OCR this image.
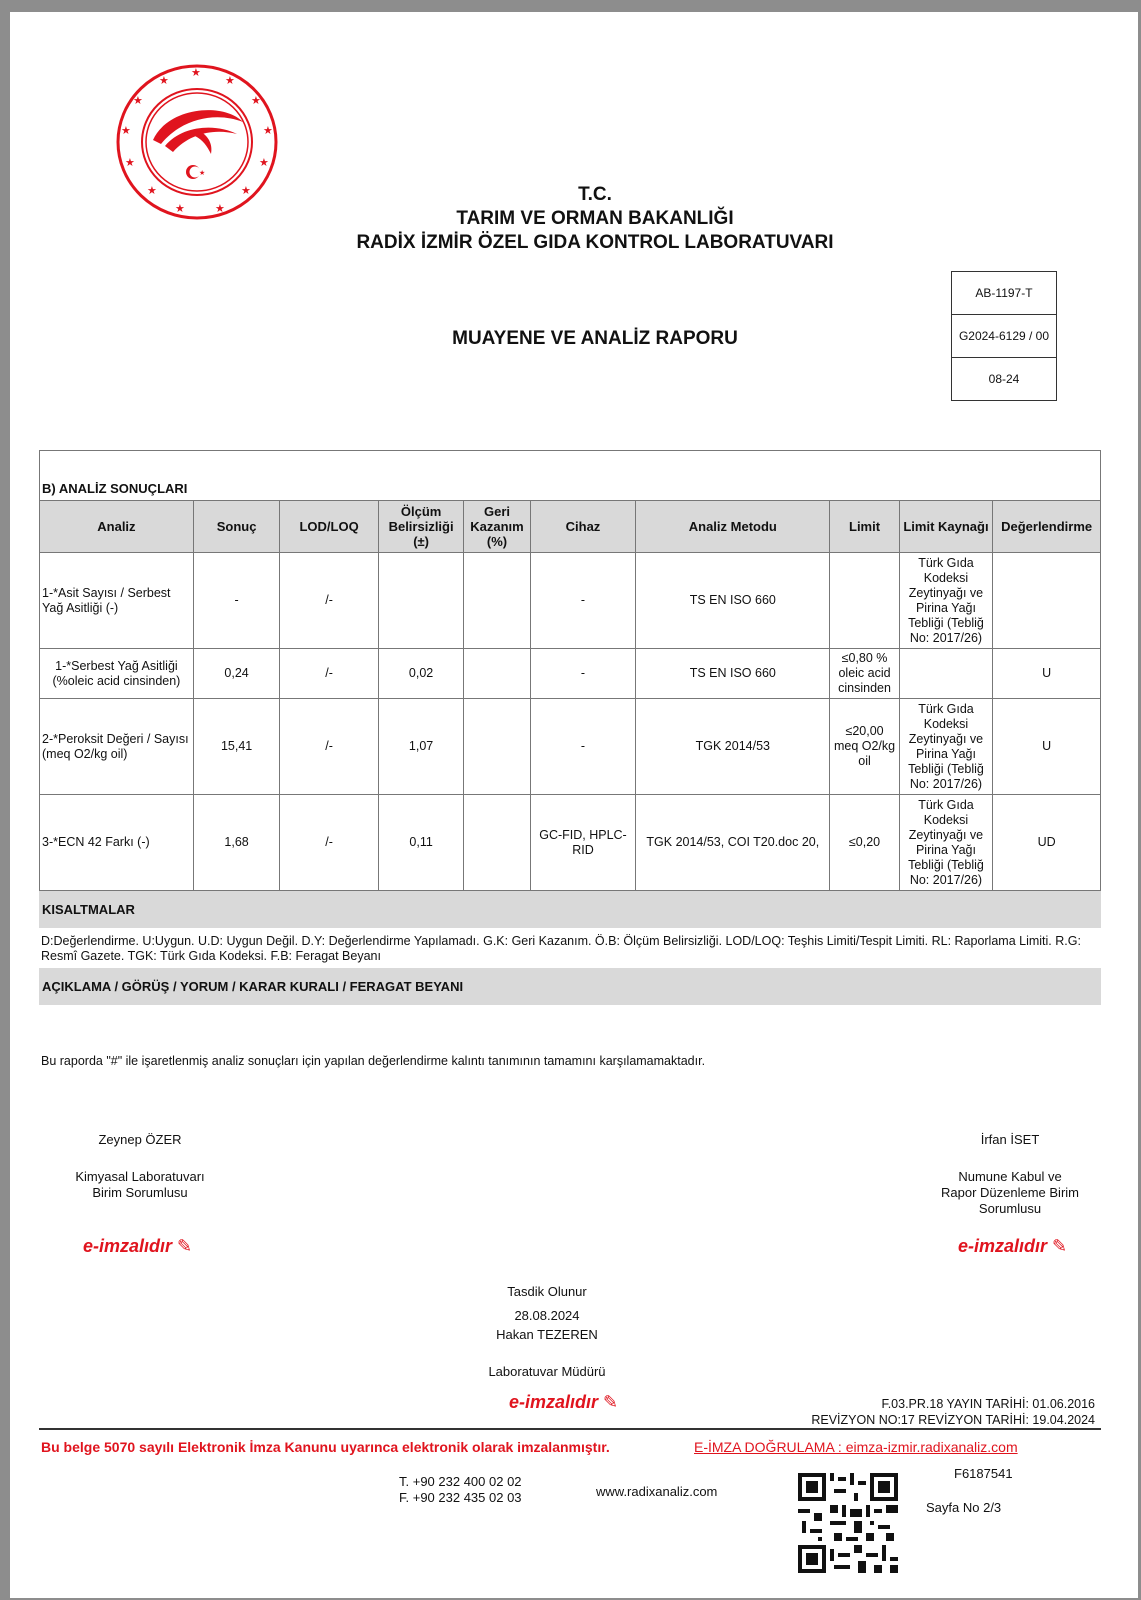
★
★
★
★
★
★
★
★
★
★
★
★
★
★
T.C.
TARIM VE ORMAN BAKANLIĞI
RADİX İZMİR ÖZEL GIDA KONTROL LABORATUVARI
MUAYENE VE ANALİZ RAPORU
AB-1197-T
G2024-6129 / 00
08-24
B) ANALİZ SONUÇLARI									
Analiz	Sonuç	LOD/LOQ	Ölçüm Belirsizliği (±)	Geri Kazanım (%)	Cihaz	Analiz Metodu	Limit	Limit Kaynağı	Değerlendirme
1-*Asit Sayısı / Serbest Yağ Asitliği (-)	-	/-			-	TS EN ISO 660		Türk Gıda Kodeksi Zeytinyağı ve Pirina Yağı Tebliği (Tebliğ No: 2017/26)	
1-*Serbest Yağ Asitliği (%oleic acid cinsinden)	0,24	/-	0,02		-	TS EN ISO 660	≤0,80 % oleic acid cinsinden		U
2-*Peroksit Değeri / Sayısı (meq O2/kg oil)	15,41	/-	1,07		-	TGK 2014/53	≤20,00 meq O2/kg oil	Türk Gıda Kodeksi Zeytinyağı ve Pirina Yağı Tebliği (Tebliğ No: 2017/26)	U
3-*ECN 42 Farkı (-)	1,68	/-	0,11		GC-FID, HPLC-RID	TGK 2014/53, COI T20.doc 20,	≤0,20	Türk Gıda Kodeksi Zeytinyağı ve Pirina Yağı Tebliği (Tebliğ No: 2017/26)	UD
KISALTMALAR
D:Değerlendirme. U:Uygun. U.D: Uygun Değil. D.Y: Değerlendirme Yapılamadı. G.K: Geri Kazanım. Ö.B: Ölçüm Belirsizliği. LOD/LOQ: Teşhis Limiti/Tespit Limiti. RL: Raporlama Limiti. R.G: Resmî Gazete. TGK: Türk Gıda Kodeksi. F.B: Feragat Beyanı
AÇIKLAMA / GÖRÜŞ / YORUM / KARAR KURALI / FERAGAT BEYANI
Bu raporda "#" ile işaretlenmiş analiz sonuçları için yapılan değerlendirme kalıntı tanımının tamamını karşılamamaktadır.
Zeynep ÖZER
Kimyasal Laboratuvarı
Birim Sorumlusu
e-imzalıdır ✎
İrfan İSET
Numune Kabul ve
Rapor Düzenleme Birim
Sorumlusu
e-imzalıdır ✎
Tasdik Olunur
28.08.2024
Hakan TEZEREN
Laboratuvar Müdürü
e-imzalıdır ✎	F.03.PR.18 YAYIN TARİHİ: 01.06.2016
REVİZYON NO:17 REVİZYON TARİHİ: 19.04.2024
Bu belge 5070 sayılı Elektronik İmza Kanunu uyarınca elektronik olarak imzalanmıştır.	E-İMZA DOĞRULAMA : eimza-izmir.radixanaliz.com
F6187541
T. +90 232 400 02 02
F. +90 232 435 02 03	www.radixanaliz.com
Sayfa No 2/3
